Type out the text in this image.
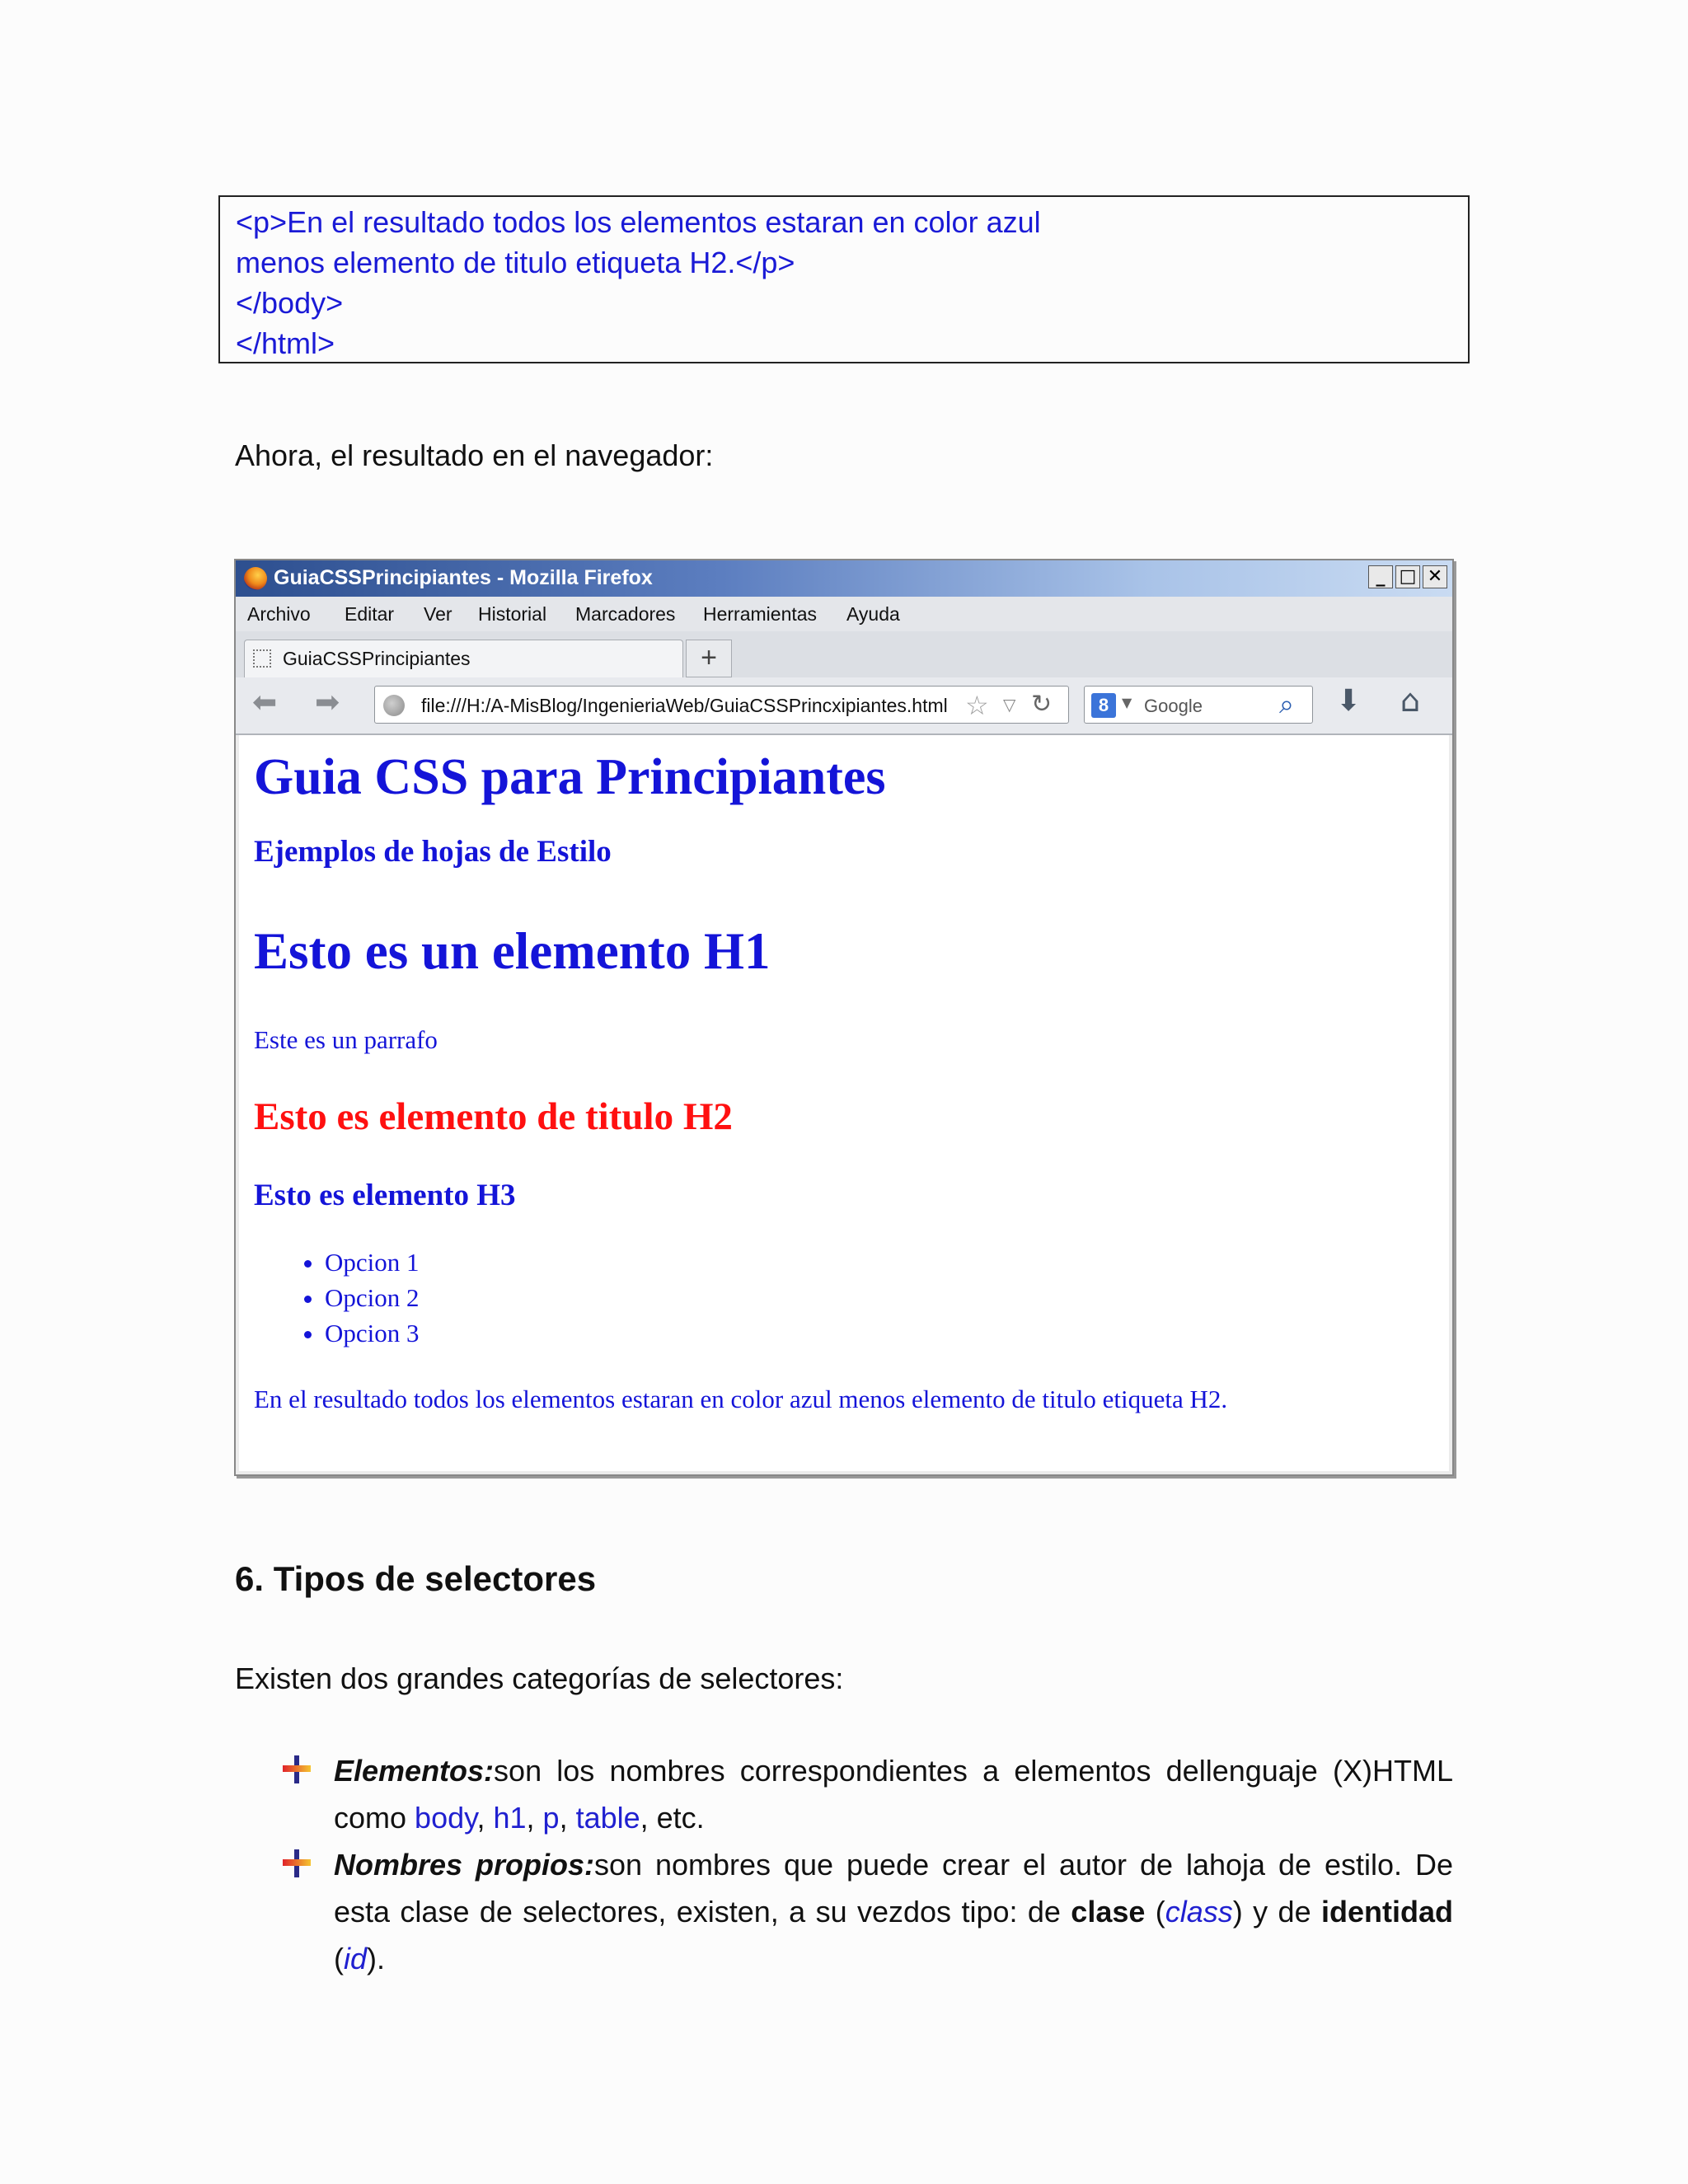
<p>En el resultado todos los elementos estaran en color azul
menos elemento de titulo etiqueta H2.</p>
</body>
</html>
Ahora, el resultado en el navegador:
GuiaCSSPrincipiantes - Mozilla Firefox	_ □ ✕
Archivo Editar Ver Historial Marcadores Herramientas Ayuda
GuiaCSSPrincipiantes	+
⬅ ➡	file:///H:/A-MisBlog/IngenieriaWeb/GuiaCSSPrincxipiantes.html ☆ ▽ ↻	8 ▼ Google	⌕ ⬇ ⌂
Guia CSS para Principiantes
Ejemplos de hojas de Estilo
Esto es un elemento H1
Este es un parrafo
Esto es elemento de titulo H2
Esto es elemento H3
• Opcion 1
• Opcion 2
• Opcion 3
En el resultado todos los elementos estaran en color azul menos elemento de titulo etiqueta H2.
6. Tipos de selectores
Existen dos grandes categorías de selectores:
Elementos:son los nombres correspondientes a elementos dellenguaje (X)HTML como body, h1, p, table, etc.
Nombres propios:son nombres que puede crear el autor de lahoja de estilo. De esta clase de selectores, existen, a su vezdos tipo: de clase (class) y de identidad (id).
